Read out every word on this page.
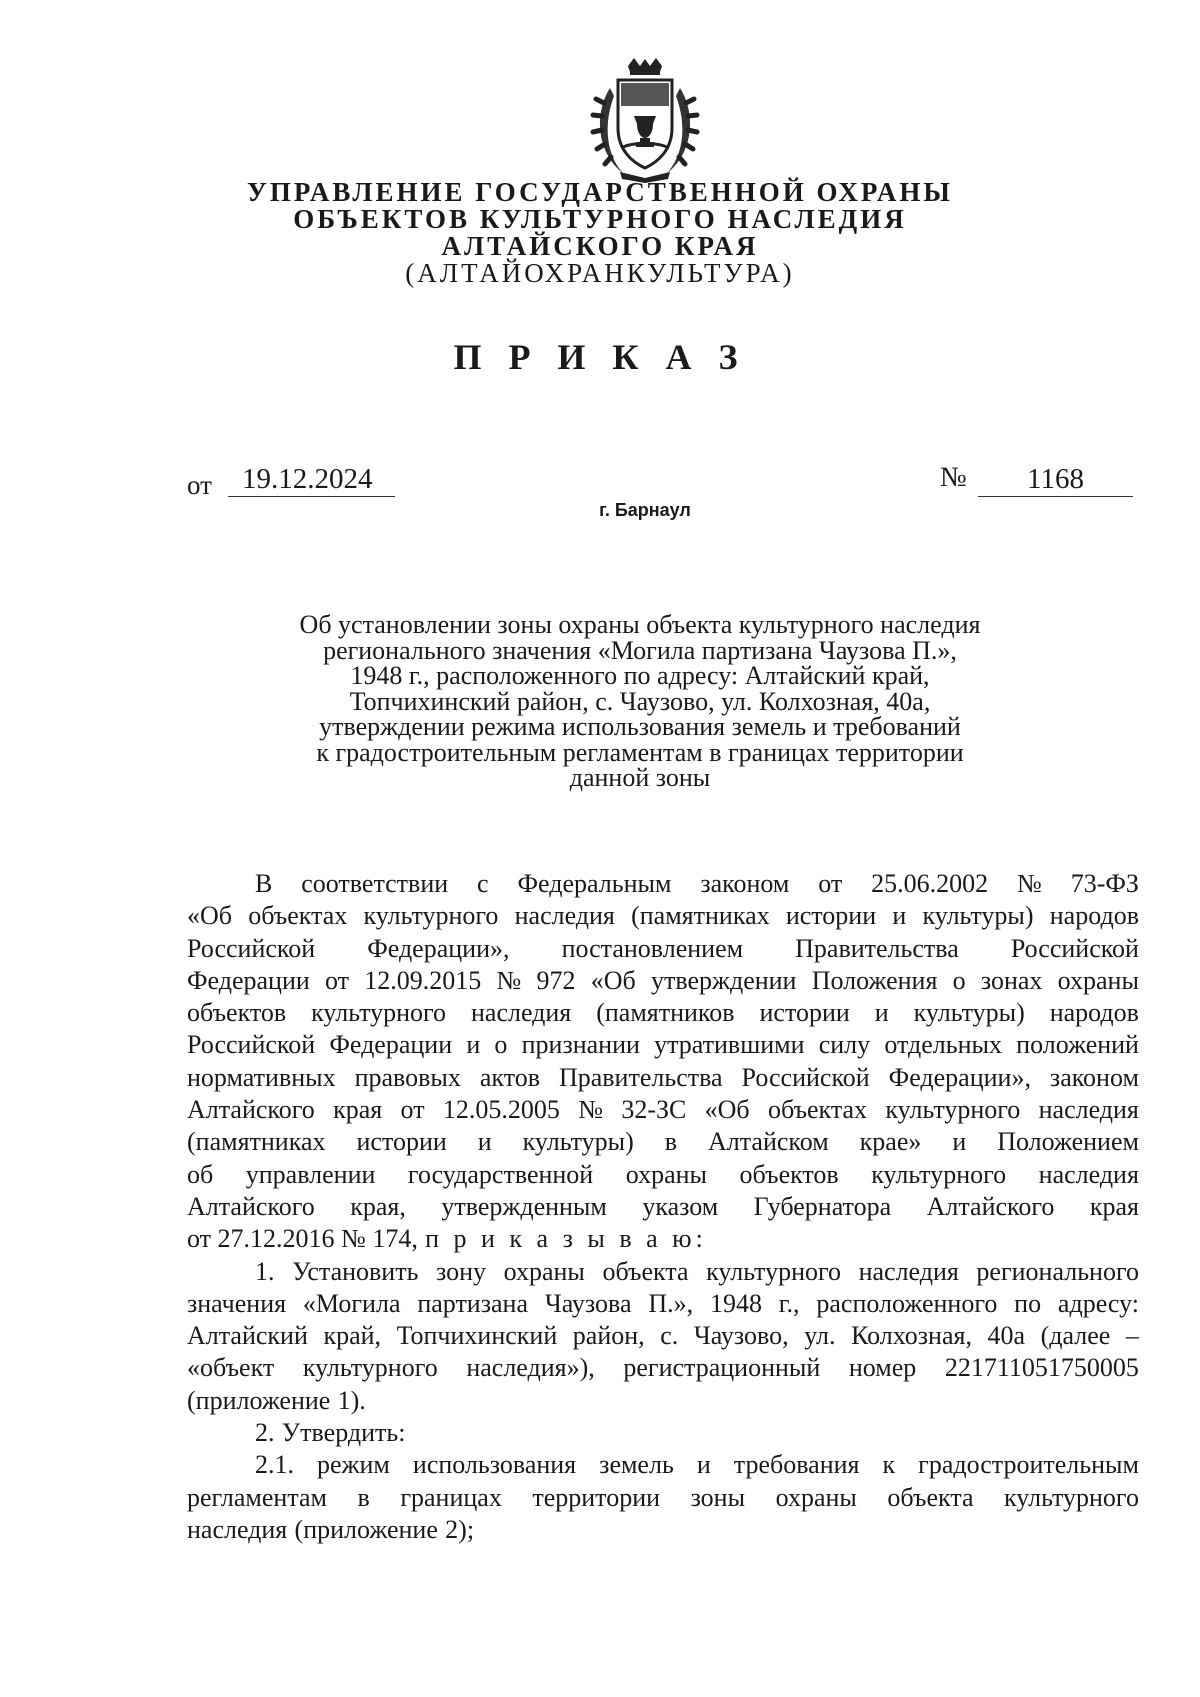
УПРАВЛЕНИЕ ГОСУДАРСТВЕННОЙ ОХРАНЫ
ОБЪЕКТОВ КУЛЬТУРНОГО НАСЛЕДИЯ
АЛТАЙСКОГО КРАЯ
(АЛТАЙОХРАНКУЛЬТУРА)
П Р И К А З
от	19.12.2024	№	1168
г. Барнаул
Об установлении зоны охраны объекта культурного наследия
регионального значения «Могила партизана Чаузова П.»,
1948 г., расположенного по адресу: Алтайский край,
Топчихинский район, с. Чаузово, ул. Колхозная, 40а,
утверждении режима использования земель и требований
к градостроительным регламентам в границах территории
данной зоны
В соответствии с Федеральным законом от 25.06.2002 № 73-ФЗ
«Об объектах культурного наследия (памятниках истории и культуры) народов
Российской Федерации», постановлением Правительства Российской
Федерации от 12.09.2015 № 972 «Об утверждении Положения о зонах охраны
объектов культурного наследия (памятников истории и культуры) народов
Российской Федерации и о признании утратившими силу отдельных положений
нормативных правовых актов Правительства Российской Федерации», законом
Алтайского края от 12.05.2005 № 32-ЗС «Об объектах культурного наследия
(памятниках истории и культуры) в Алтайском крае» и Положением
об управлении государственной охраны объектов культурного наследия
Алтайского края, утвержденным указом Губернатора Алтайского края
от 27.12.2016 № 174, п р и к а з ы в а ю:
1. Установить зону охраны объекта культурного наследия регионального
значения «Могила партизана Чаузова П.», 1948 г., расположенного по адресу:
Алтайский край, Топчихинский район, с. Чаузово, ул. Колхозная, 40а (далее –
«объект культурного наследия»), регистрационный номер 221711051750005
(приложение 1).
2. Утвердить:
2.1. режим использования земель и требования к градостроительным
регламентам в границах территории зоны охраны объекта культурного
наследия (приложение 2);
